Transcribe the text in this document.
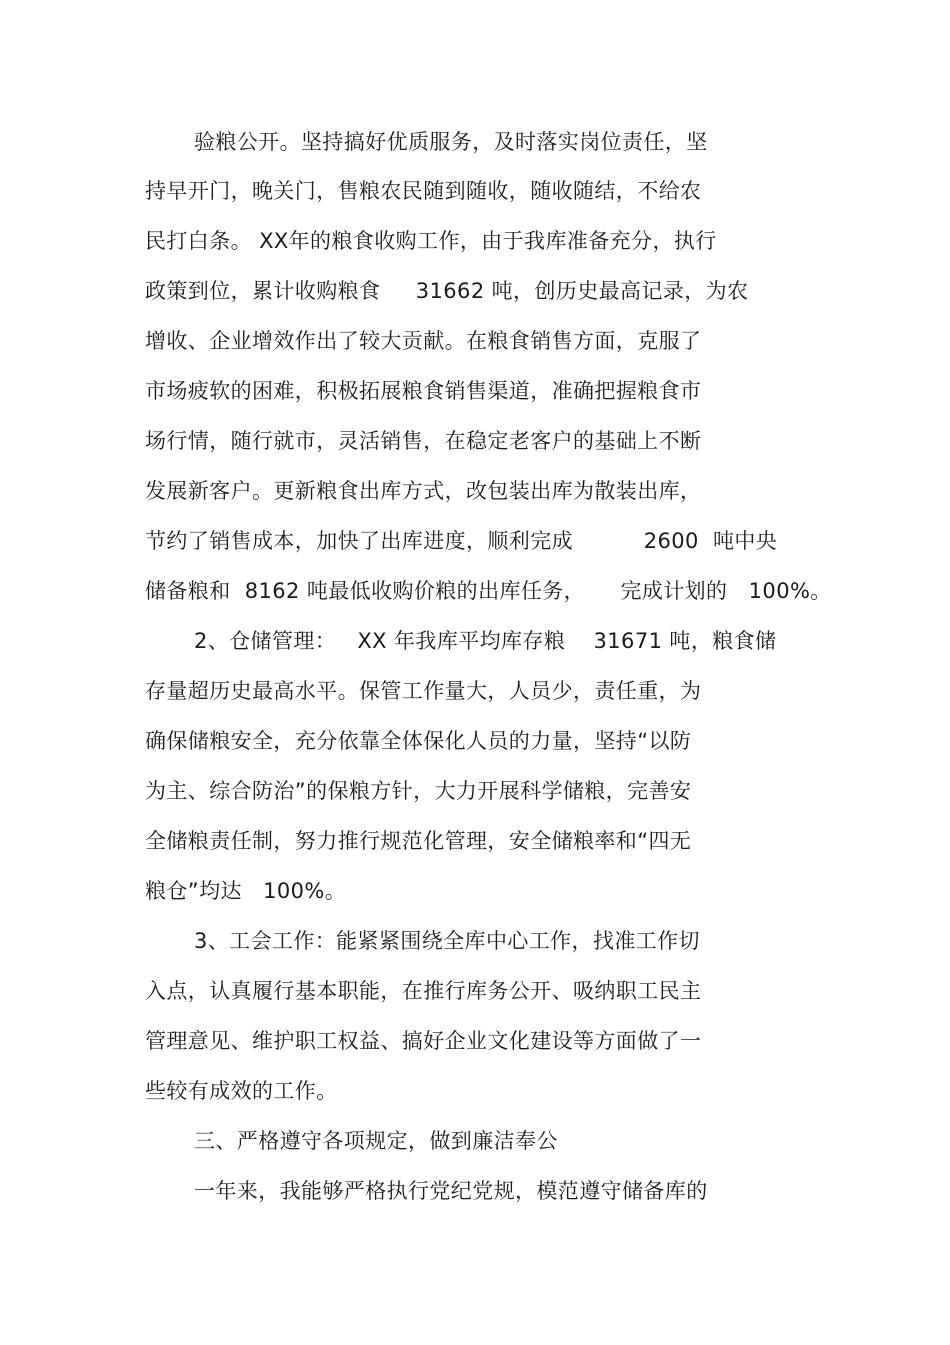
验粮公开。坚持搞好优质服务，及时落实岗位责任，坚
持早开门，晚关门，售粮农民随到随收，随收随结，不给农
民打白条。 XX年的粮食收购工作，由于我库准备充分，执行
政策到位，累计收购粮食     31662 吨，创历史最高记录，为农
增收、企业增效作出了较大贡献。在粮食销售方面，克服了
市场疲软的困难，积极拓展粮食销售渠道，准确把握粮食市
场行情，随行就市，灵活销售，在稳定老客户的基础上不断
发展新客户。更新粮食出库方式，改包装出库为散装出库，
节约了销售成本，加快了出库进度，顺利完成          2600  吨中央
储备粮和  8162 吨最低收购价粮的出库任务，     完成计划的   100%。
2、仓储管理：   XX 年我库平均库存粮    31671 吨，粮食储
存量超历史最高水平。保管工作量大，人员少，责任重，为
确保储粮安全，充分依靠全体保化人员的力量，坚持“以防
为主、综合防治”的保粮方针，大力开展科学储粮，完善安
全储粮责任制，努力推行规范化管理，安全储粮率和“四无
粮仓”均达   100%。
3、工会工作：能紧紧围绕全库中心工作，找准工作切
入点，认真履行基本职能，在推行库务公开、吸纳职工民主
管理意见、维护职工权益、搞好企业文化建设等方面做了一
些较有成效的工作。
三、严格遵守各项规定，做到廉洁奉公
一年来，我能够严格执行党纪党规，模范遵守储备库的
